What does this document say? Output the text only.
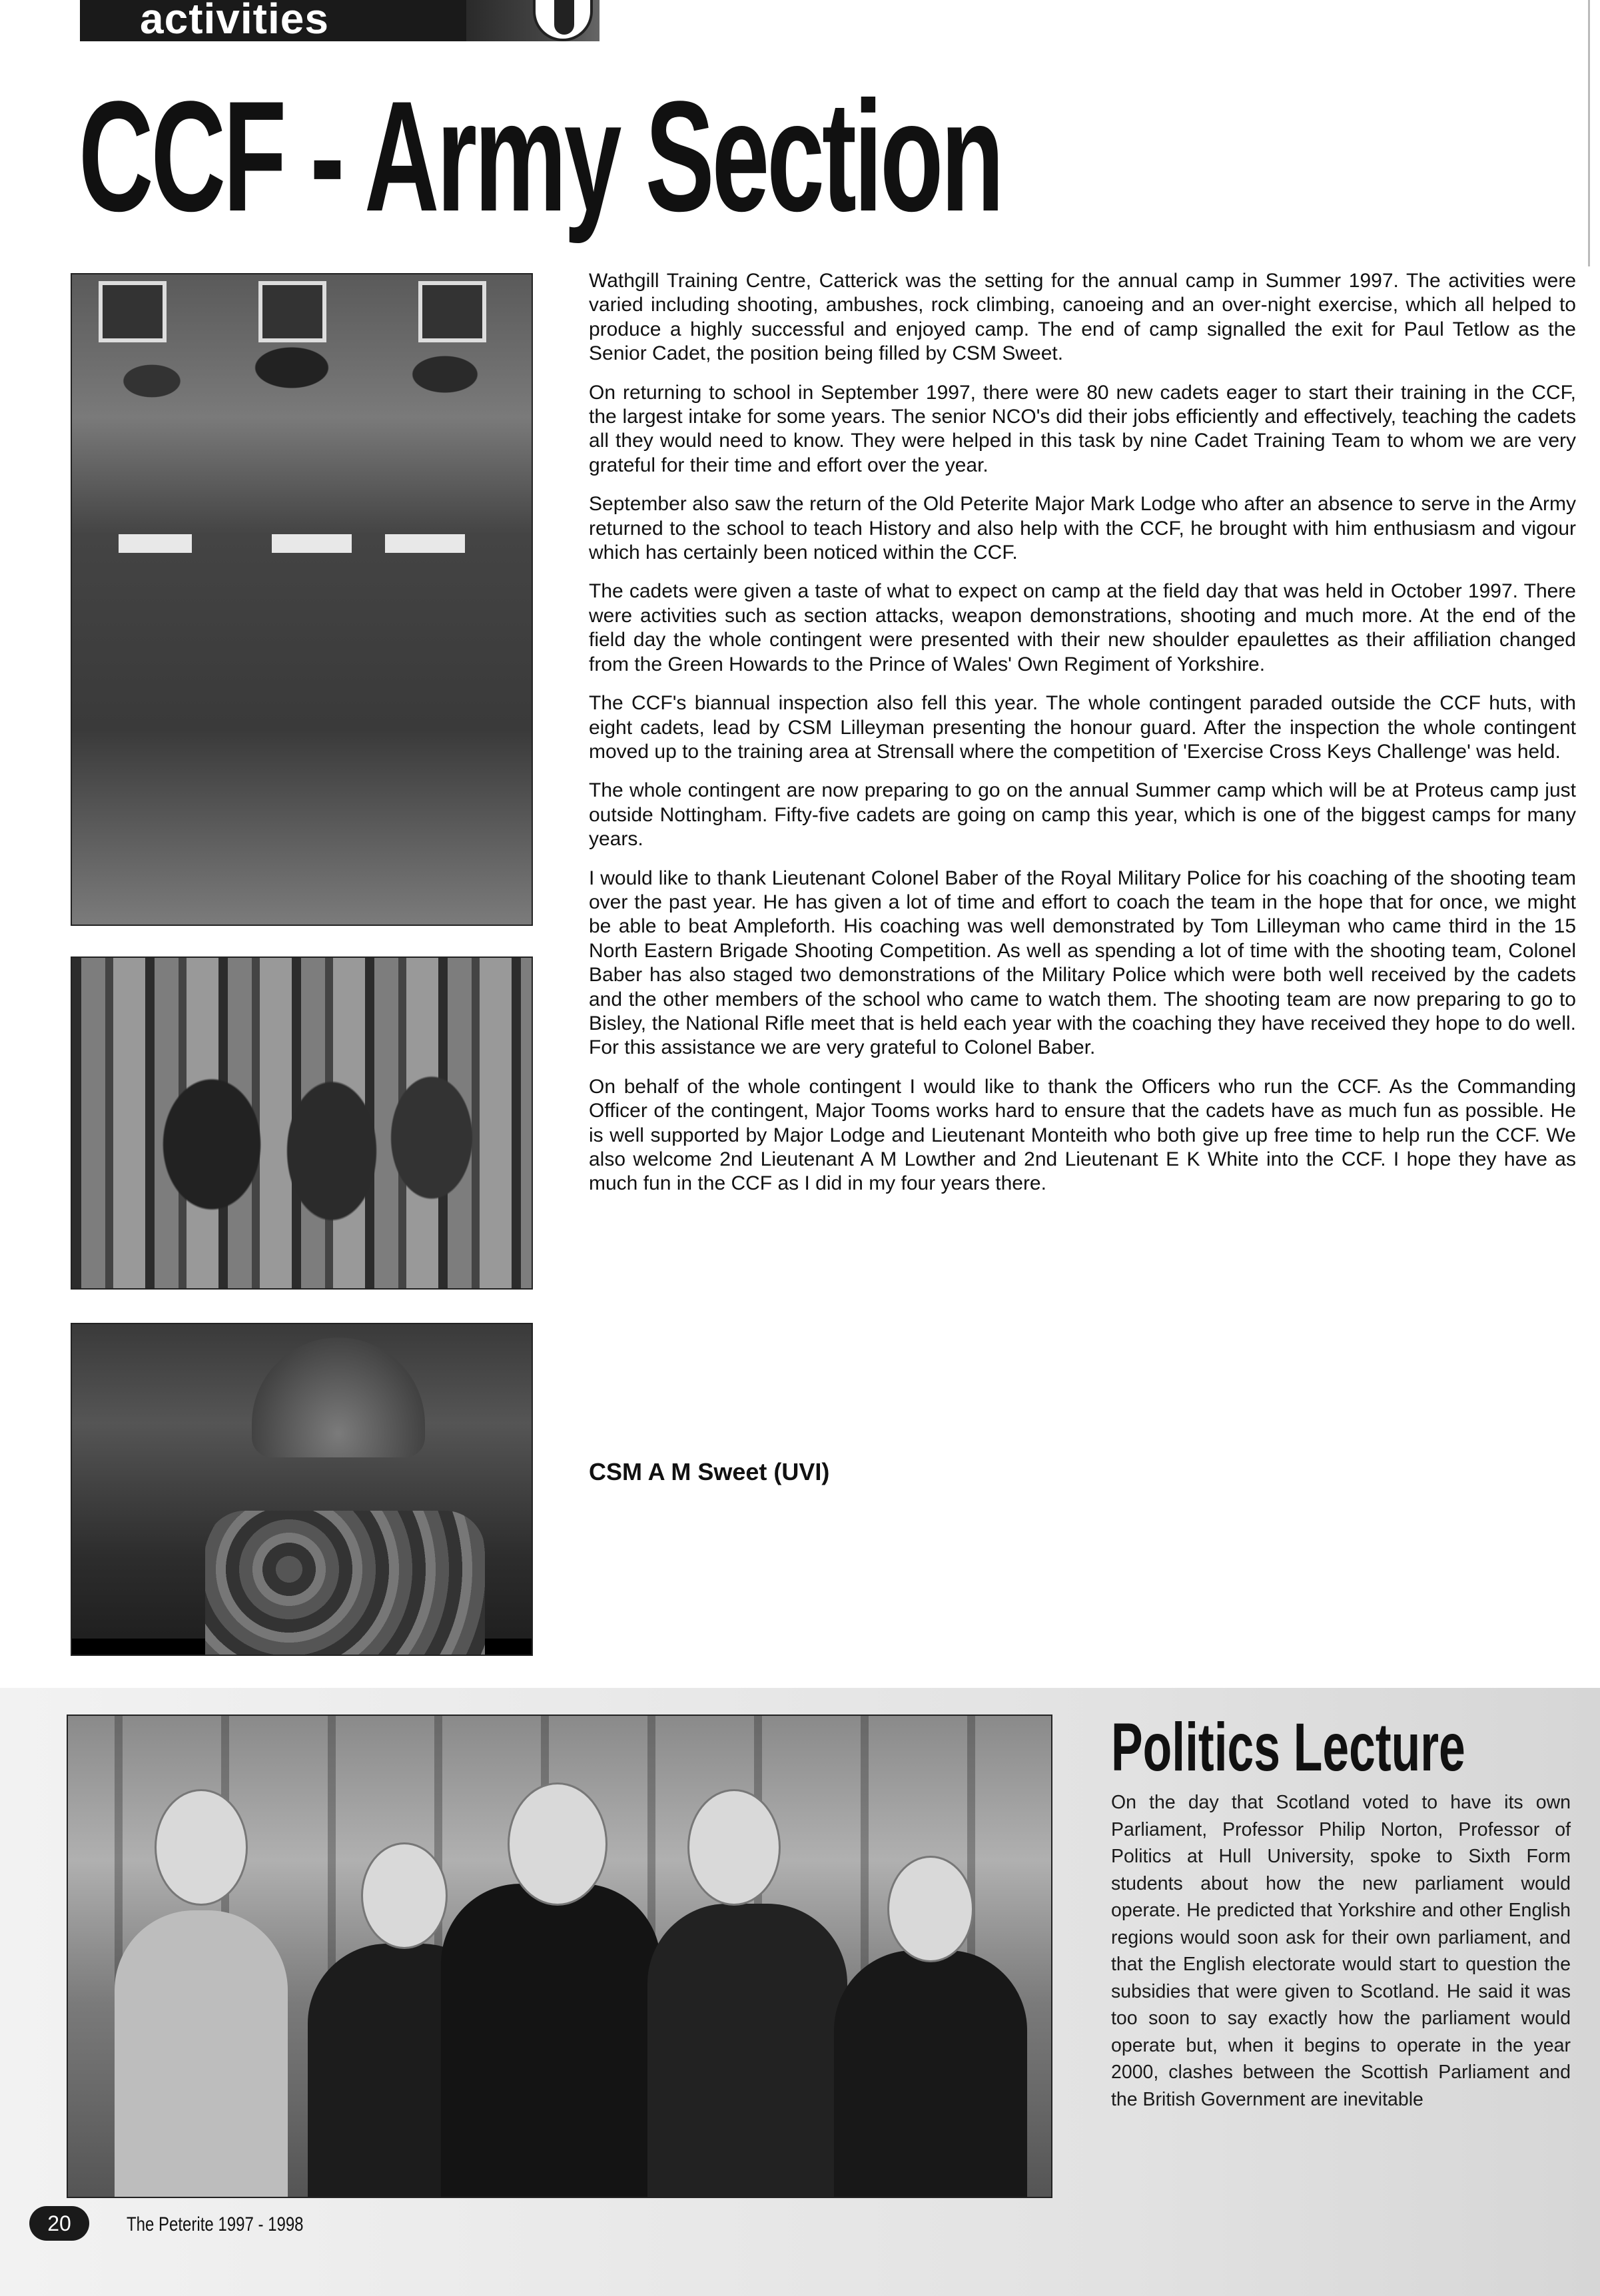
activities
CCF - Army Section

Wathgill Training Centre, Catterick was the setting for the annual camp in Summer 1997. The activities were varied including shooting, ambushes, rock climbing, canoeing and an over-night exercise, which all helped to produce a highly successful and enjoyed camp. The end of camp signalled the exit for Paul Tetlow as the Senior Cadet, the position being filled by CSM Sweet.

On returning to school in September 1997, there were 80 new cadets eager to start their training in the CCF, the largest intake for some years. The senior NCO's did their jobs efficiently and effectively, teaching the cadets all they would need to know. They were helped in this task by nine Cadet Training Team to whom we are very grateful for their time and effort over the year.

September also saw the return of the Old Peterite Major Mark Lodge who after an absence to serve in the Army returned to the school to teach History and also help with the CCF, he brought with him enthusiasm and vigour which has certainly been noticed within the CCF.

The cadets were given a taste of what to expect on camp at the field day that was held in October 1997. There were activities such as section attacks, weapon demonstrations, shooting and much more. At the end of the field day the whole contingent were presented with their new shoulder epaulettes as their affiliation changed from the Green Howards to the Prince of Wales' Own Regiment of Yorkshire.

The CCF's biannual inspection also fell this year. The whole contingent paraded outside the CCF huts, with eight cadets, lead by CSM Lilleyman presenting the honour guard. After the inspection the whole contingent moved up to the training area at Strensall where the competition of 'Exercise Cross Keys Challenge' was held.

The whole contingent are now preparing to go on the annual Summer camp which will be at Proteus camp just outside Nottingham. Fifty-five cadets are going on camp this year, which is one of the biggest camps for many years.

I would like to thank Lieutenant Colonel Baber of the Royal Military Police for his coaching of the shooting team over the past year. He has given a lot of time and effort to coach the team in the hope that for once, we might be able to beat Ampleforth. His coaching was well demonstrated by Tom Lilleyman who came third in the 15 North Eastern Brigade Shooting Competition. As well as spending a lot of time with the shooting team, Colonel Baber has also staged two demonstrations of the Military Police which were both well received by the cadets and the other members of the school who came to watch them. The shooting team are now preparing to go to Bisley, the National Rifle meet that is held each year with the coaching they have received they hope to do well. For this assistance we are very grateful to Colonel Baber.

On behalf of the whole contingent I would like to thank the Officers who run the CCF. As the Commanding Officer of the contingent, Major Tooms works hard to ensure that the cadets have as much fun as possible. He is well supported by Major Lodge and Lieutenant Monteith who both give up free time to help run the CCF. We also welcome 2nd Lieutenant A M Lowther and 2nd Lieutenant E K White into the CCF. I hope they have as much fun in the CCF as I did in my four years there.

CSM A M Sweet (UVI)
Politics Lecture
On the day that Scotland voted to have its own Parliament, Professor Philip Norton, Professor of Politics at Hull University, spoke to Sixth Form students about how the new parliament would operate. He predicted that Yorkshire and other English regions would soon ask for their own parliament, and that the English electorate would start to question the subsidies that were given to Scotland. He said it was too soon to say exactly how the parliament would operate but, when it begins to operate in the year 2000, clashes between the Scottish Parliament and the British Government are inevitable
20	The Peterite 1997 - 1998
